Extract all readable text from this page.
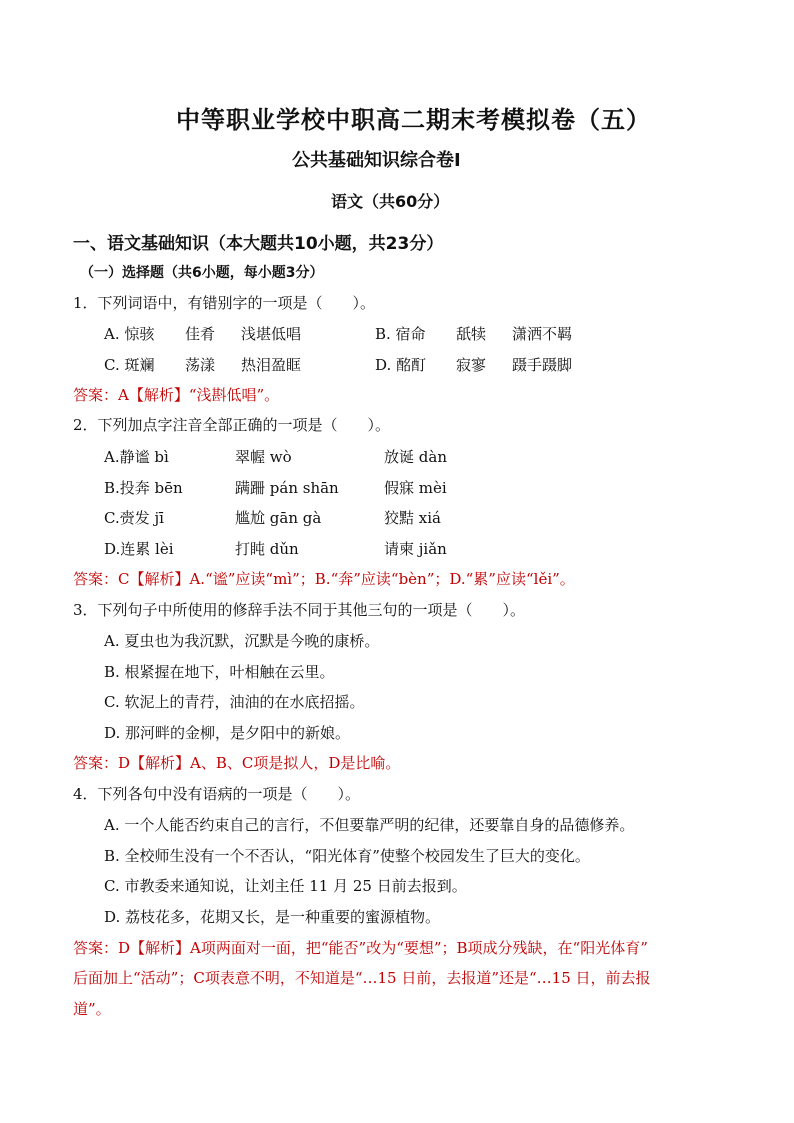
中等职业学校中职高二期末考模拟卷（五）
公共基础知识综合卷Ⅰ
语文（共60分）
一、语文基础知识（本大题共10小题，共23分）
（一）选择题（共6小题，每小题3分）
1．下列词语中，有错别字的一项是（　　）。
A. 惊骇 佳肴 浅堪低唱	B. 宿命 舐犊 潇洒不羁
C. 斑斓 荡漾 热泪盈眶	D. 酩酊 寂寥 蹑手蹑脚
答案：A【解析】“浅斟低唱”。
2．下列加点字注音全部正确的一项是（　　）。
A.静谧 bì	翠幄 wò	放诞 dàn
B.投奔 bēn	蹒跚 pán shān	假寐 mèi
C.赍发 jī	尴尬 gān gà	狡黠 xiá
D.连累 lèi	打盹 dǔn	请柬 jiǎn
答案：C【解析】A.“谧”应读“mì”；B.“奔”应读“bèn”；D.“累”应读“lěi”。
3．下列句子中所使用的修辞手法不同于其他三句的一项是（　　）。
A. 夏虫也为我沉默，沉默是今晚的康桥。
B. 根紧握在地下，叶相触在云里。
C. 软泥上的青荇，油油的在水底招摇。
D. 那河畔的金柳，是夕阳中的新娘。
答案：D【解析】A、B、C项是拟人，D是比喻。
4．下列各句中没有语病的一项是（　　）。
A. 一个人能否约束自己的言行，不但要靠严明的纪律，还要靠自身的品德修养。
B. 全校师生没有一个不否认，“阳光体育”使整个校园发生了巨大的变化。
C. 市教委来通知说，让刘主任 11 月 25 日前去报到。
D. 荔枝花多，花期又长，是一种重要的蜜源植物。
答案：D【解析】A项两面对一面，把“能否”改为“要想”；B项成分残缺，在“阳光体育”
后面加上“活动”；C项表意不明，不知道是“…15 日前，去报道”还是“…15 日，前去报
道”。
